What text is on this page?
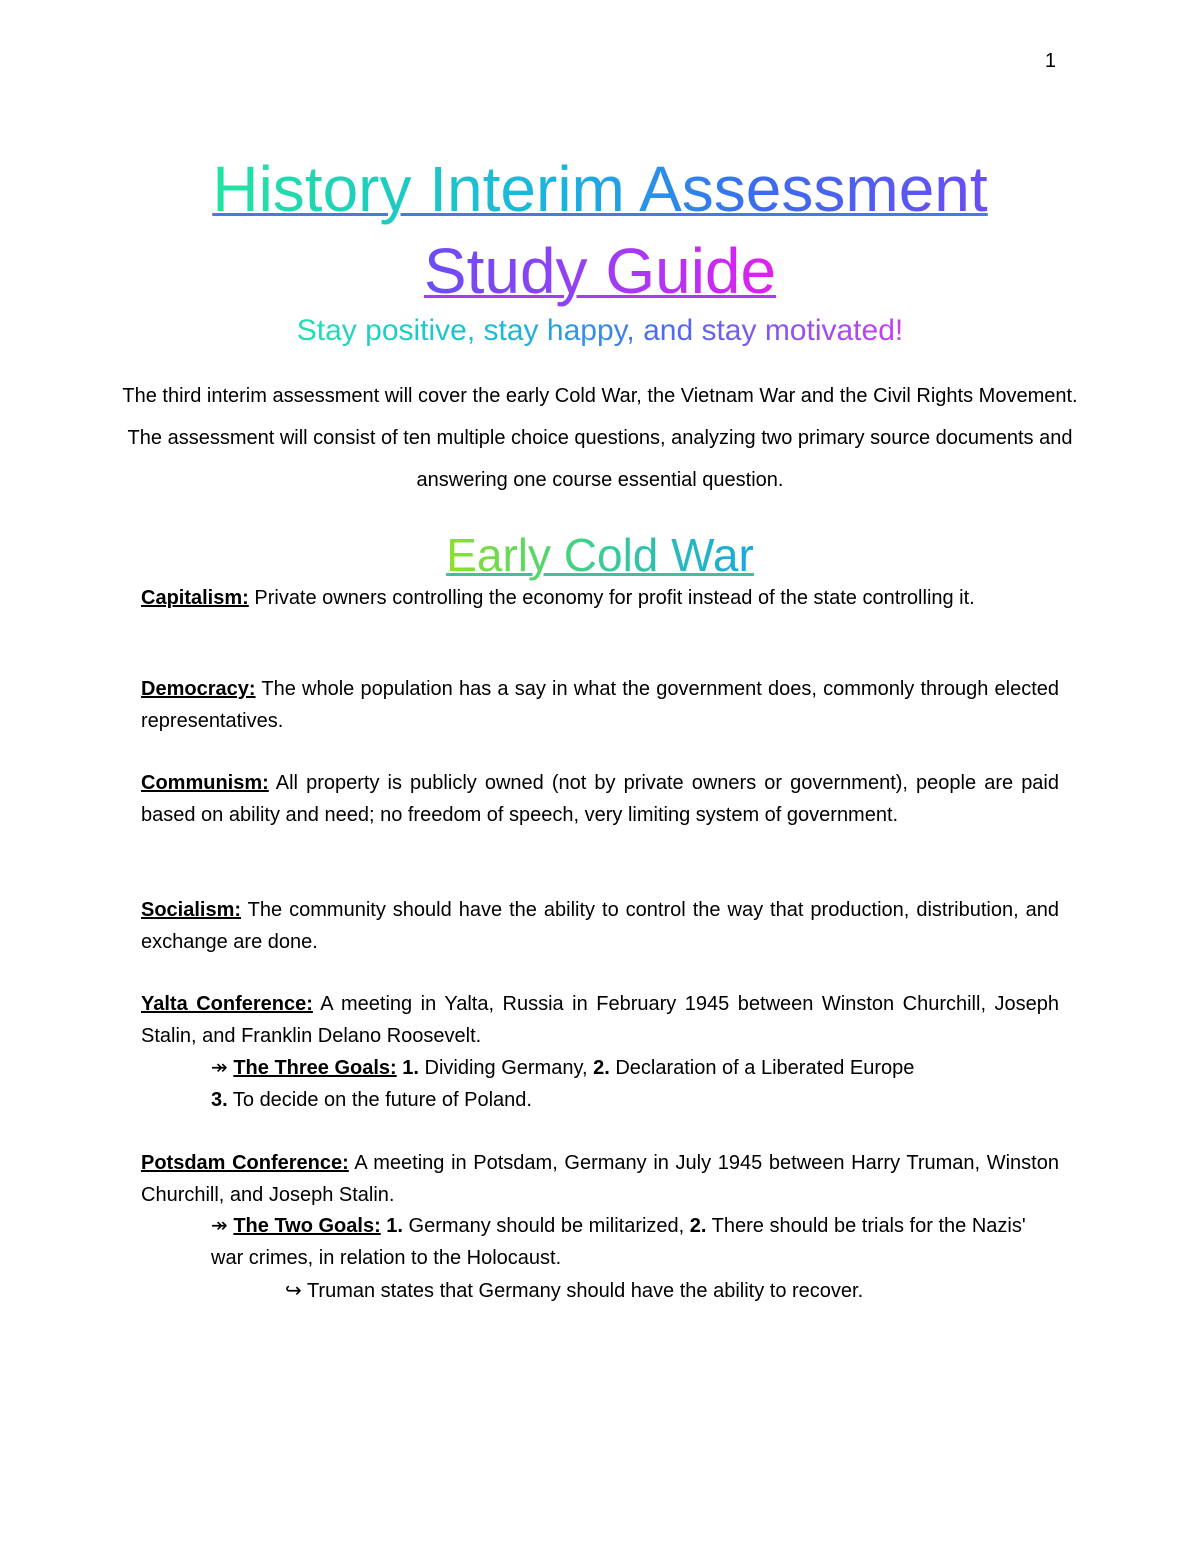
1
History Interim Assessment
Study Guide
Stay positive, stay happy, and stay motivated!

The third interim assessment will cover the early Cold War, the Vietnam War and the Civil Rights Movement. The assessment will consist of ten multiple choice questions, analyzing two primary source documents and answering one course essential question.

Early Cold War

Capitalism: Private owners controlling the economy for profit instead of the state controlling it.

Democracy: The whole population has a say in what the government does, commonly through elected representatives.

Communism: All property is publicly owned (not by private owners or government), people are paid based on ability and need; no freedom of speech, very limiting system of government.

Socialism: The community should have the ability to control the way that production, distribution, and exchange are done.

Yalta Conference: A meeting in Yalta, Russia in February 1945 between Winston Churchill, Joseph Stalin, and Franklin Delano Roosevelt.

↠ The Three Goals: 1. Dividing Germany, 2. Declaration of a Liberated Europe
3. To decide on the future of Poland.

Potsdam Conference: A meeting in Potsdam, Germany in July 1945 between Harry Truman, Winston Churchill, and Joseph Stalin.

↠ The Two Goals: 1. Germany should be militarized, 2. There should be trials for the Nazis' war crimes, in relation to the Holocaust.

↪ Truman states that Germany should have the ability to recover.
